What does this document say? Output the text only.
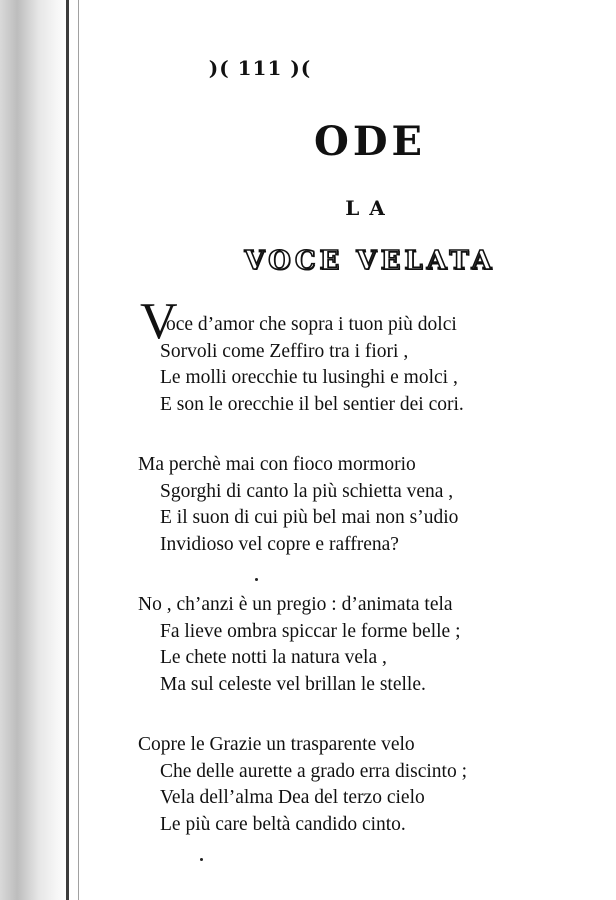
)( 111 )(
ODE
LA
VOCE VELATA
V
oce d’amor che sopra i tuon più dolci
Sorvoli come Zeffiro tra i fiori ,
Le molli orecchie tu lusinghi e molci ,
E son le orecchie il bel sentier dei cori.
Ma perchè mai con fioco mormorio
Sgorghi di canto la più schietta vena ,
E il suon di cui più bel mai non s’udio
Invidioso vel copre e raffrena?
No , ch’anzi è un pregio : d’animata tela
Fa lieve ombra spiccar le forme belle ;
Le chete notti la natura vela ,
Ma sul celeste vel brillan le stelle.
Copre le Grazie un trasparente velo
Che delle aurette a grado erra discinto ;
Vela dell’alma Dea del terzo cielo
Le più care beltà candido cinto.
